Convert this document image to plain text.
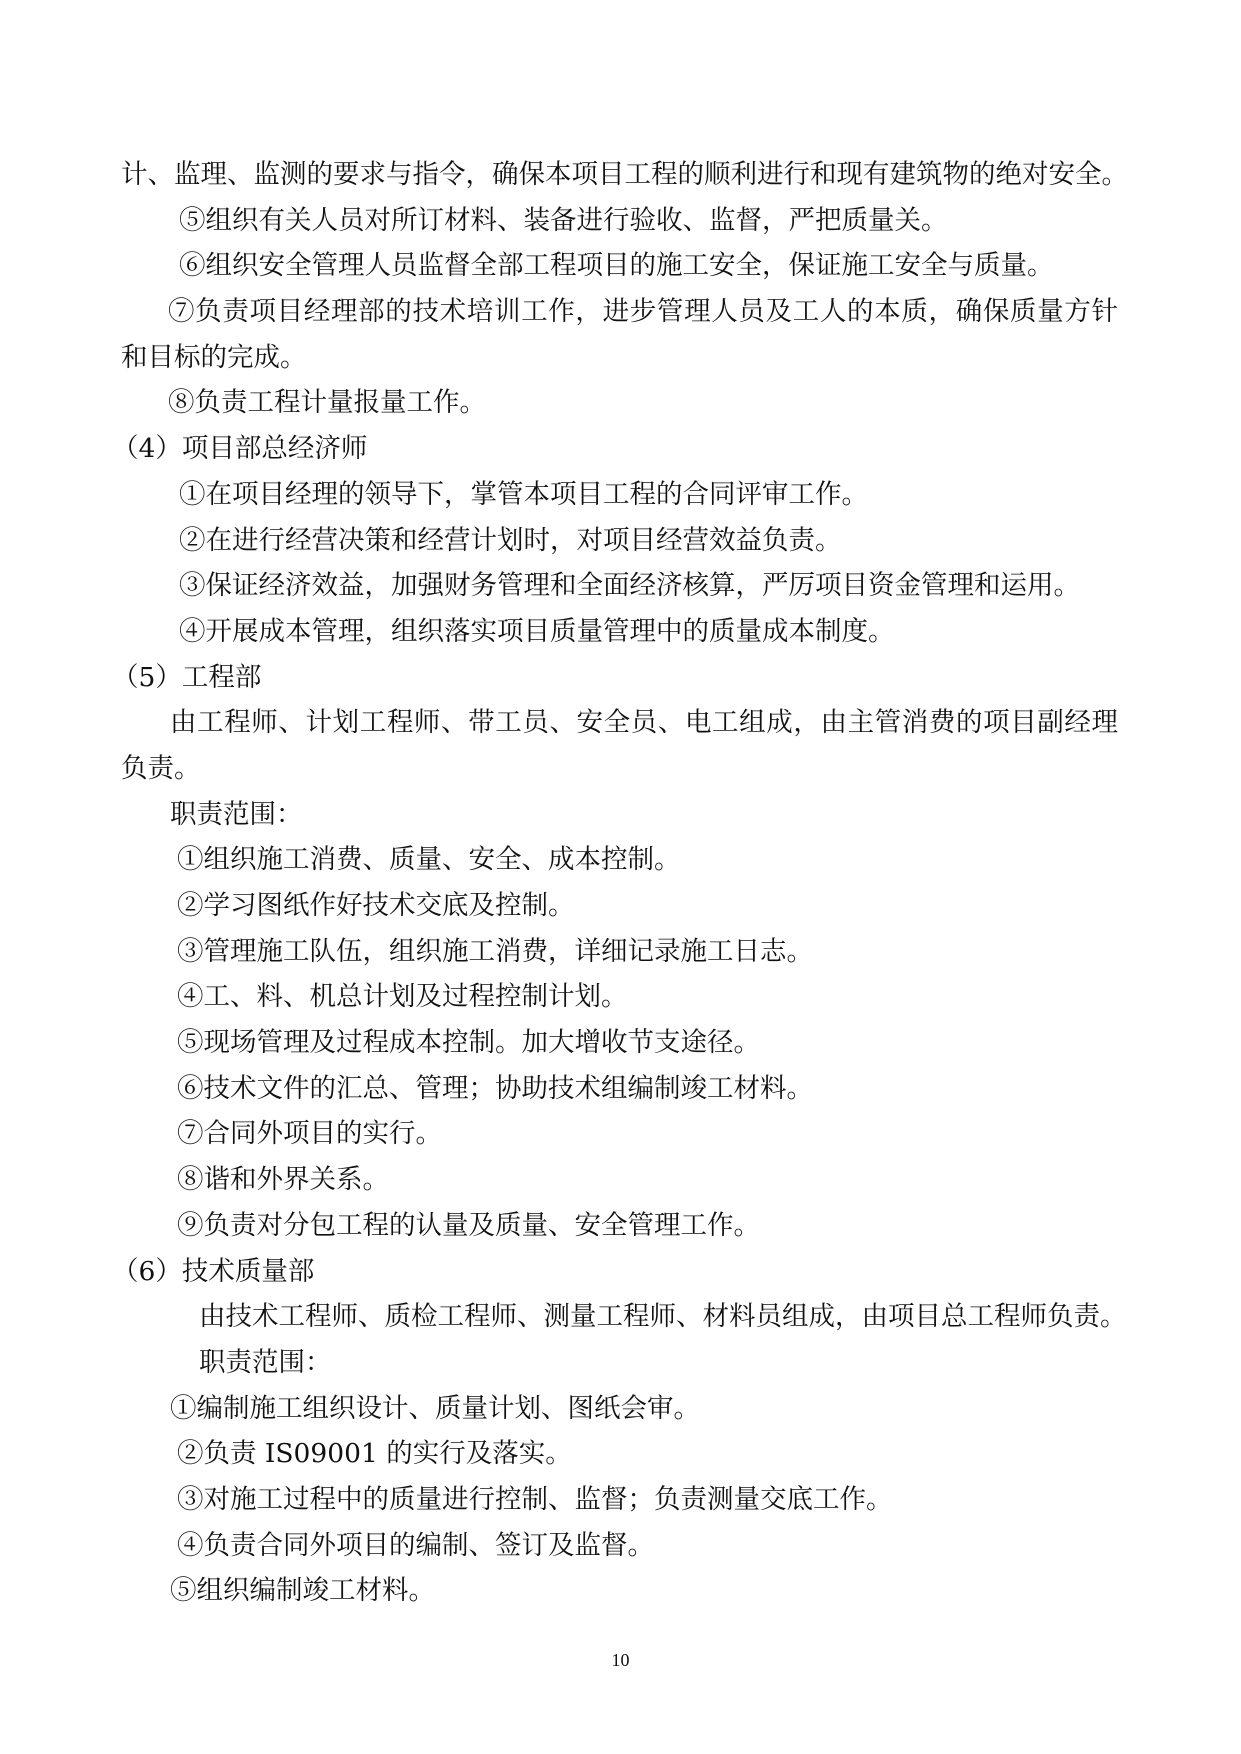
计、监理、监测的要求与指令，确保本项目工程的顺利进行和现有建筑物的绝对安全。
⑤组织有关人员对所订材料、装备进行验收、监督，严把质量关。
⑥组织安全管理人员监督全部工程项目的施工安全，保证施工安全与质量。
⑦负责项目经理部的技术培训工作，进步管理人员及工人的本质，确保质量方针
和目标的完成。
⑧负责工程计量报量工作。
（4）项目部总经济师
①在项目经理的领导下，掌管本项目工程的合同评审工作。
②在进行经营决策和经营计划时，对项目经营效益负责。
③保证经济效益，加强财务管理和全面经济核算，严厉项目资金管理和运用。
④开展成本管理，组织落实项目质量管理中的质量成本制度。
（5）工程部
由工程师、计划工程师、带工员、安全员、电工组成，由主管消费的项目副经理
负责。
职责范围：
①组织施工消费、质量、安全、成本控制。
②学习图纸作好技术交底及控制。
③管理施工队伍，组织施工消费，详细记录施工日志。
④工、料、机总计划及过程控制计划。
⑤现场管理及过程成本控制。加大增收节支途径。
⑥技术文件的汇总、管理；协助技术组编制竣工材料。
⑦合同外项目的实行。
⑧谐和外界关系。
⑨负责对分包工程的认量及质量、安全管理工作。
（6）技术质量部
由技术工程师、质检工程师、测量工程师、材料员组成，由项目总工程师负责。
职责范围：
①编制施工组织设计、质量计划、图纸会审。
②负责 IS09001 的实行及落实。
③对施工过程中的质量进行控制、监督；负责测量交底工作。
④负责合同外项目的编制、签订及监督。
⑤组织编制竣工材料。
10
